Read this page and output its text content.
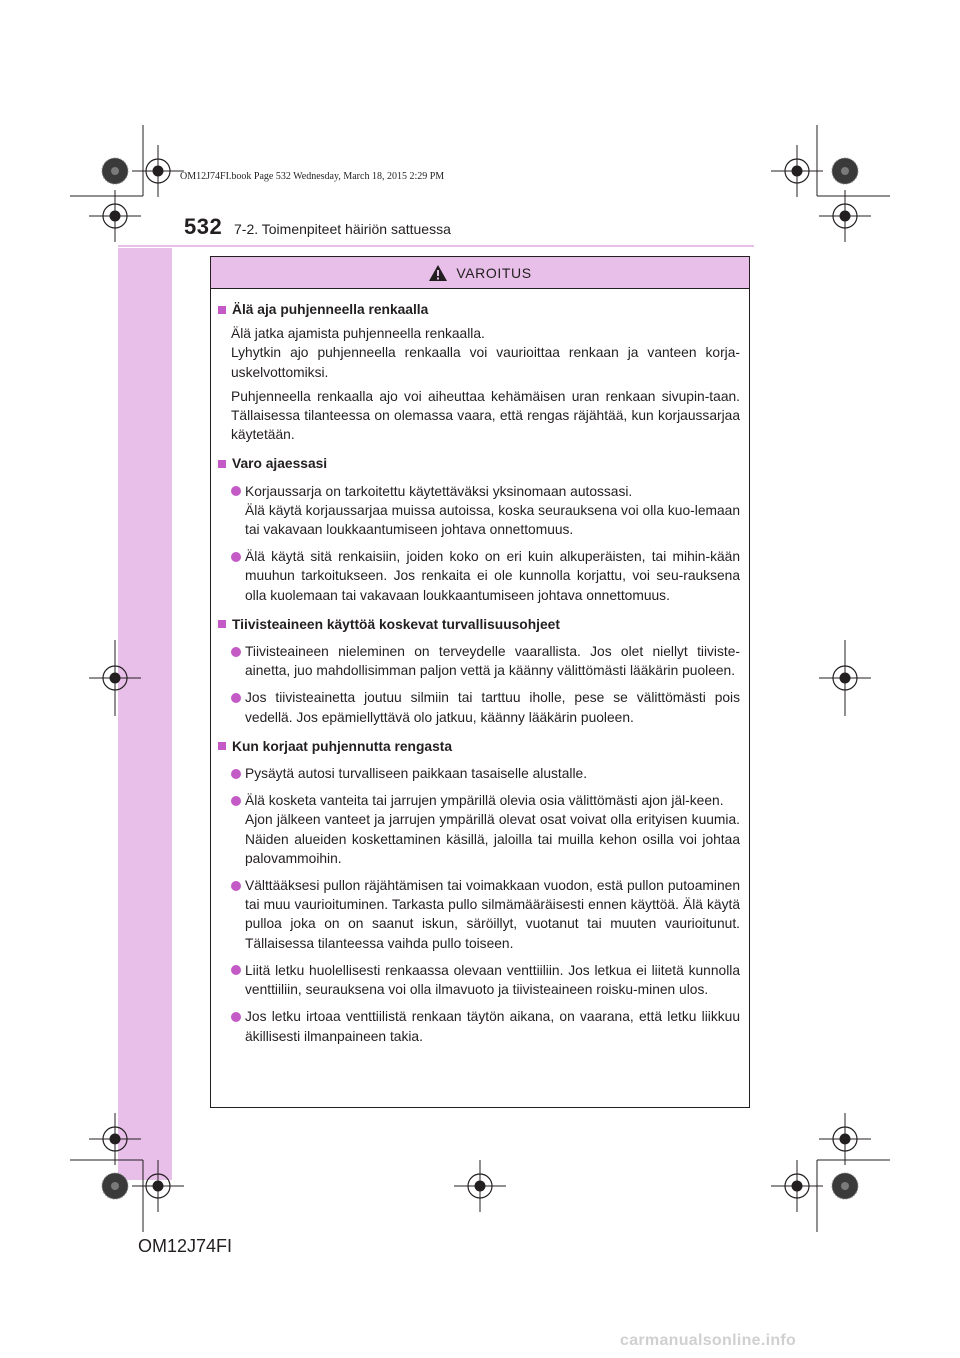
OM12J74FI.book Page 532 Wednesday, March 18, 2015 2:29 PM
532 7-2. Toimenpiteet häiriön sattuessa
VAROITUS
Älä aja puhjenneella renkaalla
Älä jatka ajamista puhjenneella renkaalla.
Lyhytkin ajo puhjenneella renkaalla voi vaurioittaa renkaan ja vanteen korja-uskelvottomiksi.
Puhjenneella renkaalla ajo voi aiheuttaa kehämäisen uran renkaan sivupin-taan. Tällaisessa tilanteessa on olemassa vaara, että rengas räjähtää, kun korjaussarjaa käytetään.
Varo ajaessasi
Korjaussarja on tarkoitettu käytettäväksi yksinomaan autossasi.
Älä käytä korjaussarjaa muissa autoissa, koska seurauksena voi olla kuo-lemaan tai vakavaan loukkaantumiseen johtava onnettomuus.
Älä käytä sitä renkaisiin, joiden koko on eri kuin alkuperäisten, tai mihin-kään muuhun tarkoitukseen. Jos renkaita ei ole kunnolla korjattu, voi seu-rauksena olla kuolemaan tai vakavaan loukkaantumiseen johtava onnettomuus.
Tiivisteaineen käyttöä koskevat turvallisuusohjeet
Tiivisteaineen nieleminen on terveydelle vaarallista. Jos olet niellyt tiiviste-ainetta, juo mahdollisimman paljon vettä ja käänny välittömästi lääkärin puoleen.
Jos tiivisteainetta joutuu silmiin tai tarttuu iholle, pese se välittömästi pois vedellä. Jos epämiellyttävä olo jatkuu, käänny lääkärin puoleen.
Kun korjaat puhjennutta rengasta
Pysäytä autosi turvalliseen paikkaan tasaiselle alustalle.
Älä kosketa vanteita tai jarrujen ympärillä olevia osia välittömästi ajon jäl-keen.
Ajon jälkeen vanteet ja jarrujen ympärillä olevat osat voivat olla erityisen kuumia. Näiden alueiden koskettaminen käsillä, jaloilla tai muilla kehon osilla voi johtaa palovammoihin.
Välttääksesi pullon räjähtämisen tai voimakkaan vuodon, estä pullon putoaminen tai muu vaurioituminen. Tarkasta pullo silmämääräisesti ennen käyttöä. Älä käytä pulloa joka on on saanut iskun, säröillyt, vuotanut tai muuten vaurioitunut. Tällaisessa tilanteessa vaihda pullo toiseen.
Liitä letku huolellisesti renkaassa olevaan venttiiliin. Jos letkua ei liitetä kunnolla venttiiliin, seurauksena voi olla ilmavuoto ja tiivisteaineen roisku-minen ulos.
Jos letku irtoaa venttiilistä renkaan täytön aikana, on vaarana, että letku liikkuu äkillisesti ilmanpaineen takia.
OM12J74FI
carmanualsonline.info
